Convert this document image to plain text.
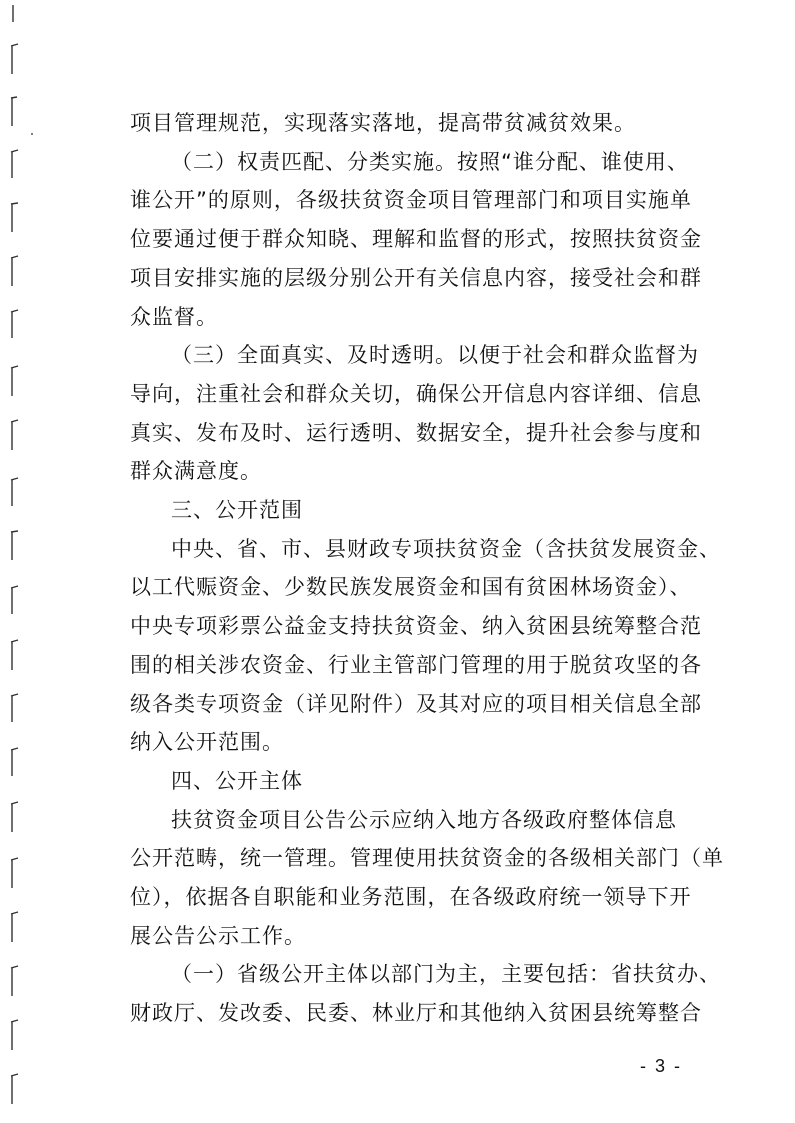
项目管理规范，实现落实落地，提高带贫减贫效果。
（二）权责匹配、分类实施。按照“谁分配、谁使用、
谁公开”的原则，各级扶贫资金项目管理部门和项目实施单
位要通过便于群众知晓、理解和监督的形式，按照扶贫资金
项目安排实施的层级分别公开有关信息内容，接受社会和群
众监督。
（三）全面真实、及时透明。以便于社会和群众监督为
导向，注重社会和群众关切，确保公开信息内容详细、信息
真实、发布及时、运行透明、数据安全，提升社会参与度和
群众满意度。
三、公开范围
中央、省、市、县财政专项扶贫资金（含扶贫发展资金、
以工代赈资金、少数民族发展资金和国有贫困林场资金）、
中央专项彩票公益金支持扶贫资金、纳入贫困县统筹整合范
围的相关涉农资金、行业主管部门管理的用于脱贫攻坚的各
级各类专项资金（详见附件）及其对应的项目相关信息全部
纳入公开范围。
四、公开主体
扶贫资金项目公告公示应纳入地方各级政府整体信息
公开范畴，统一管理。管理使用扶贫资金的各级相关部门（单
位），依据各自职能和业务范围，在各级政府统一领导下开
展公告公示工作。
（一）省级公开主体以部门为主，主要包括：省扶贫办、
财政厅、发改委、民委、林业厅和其他纳入贫困县统筹整合
- 3 -
